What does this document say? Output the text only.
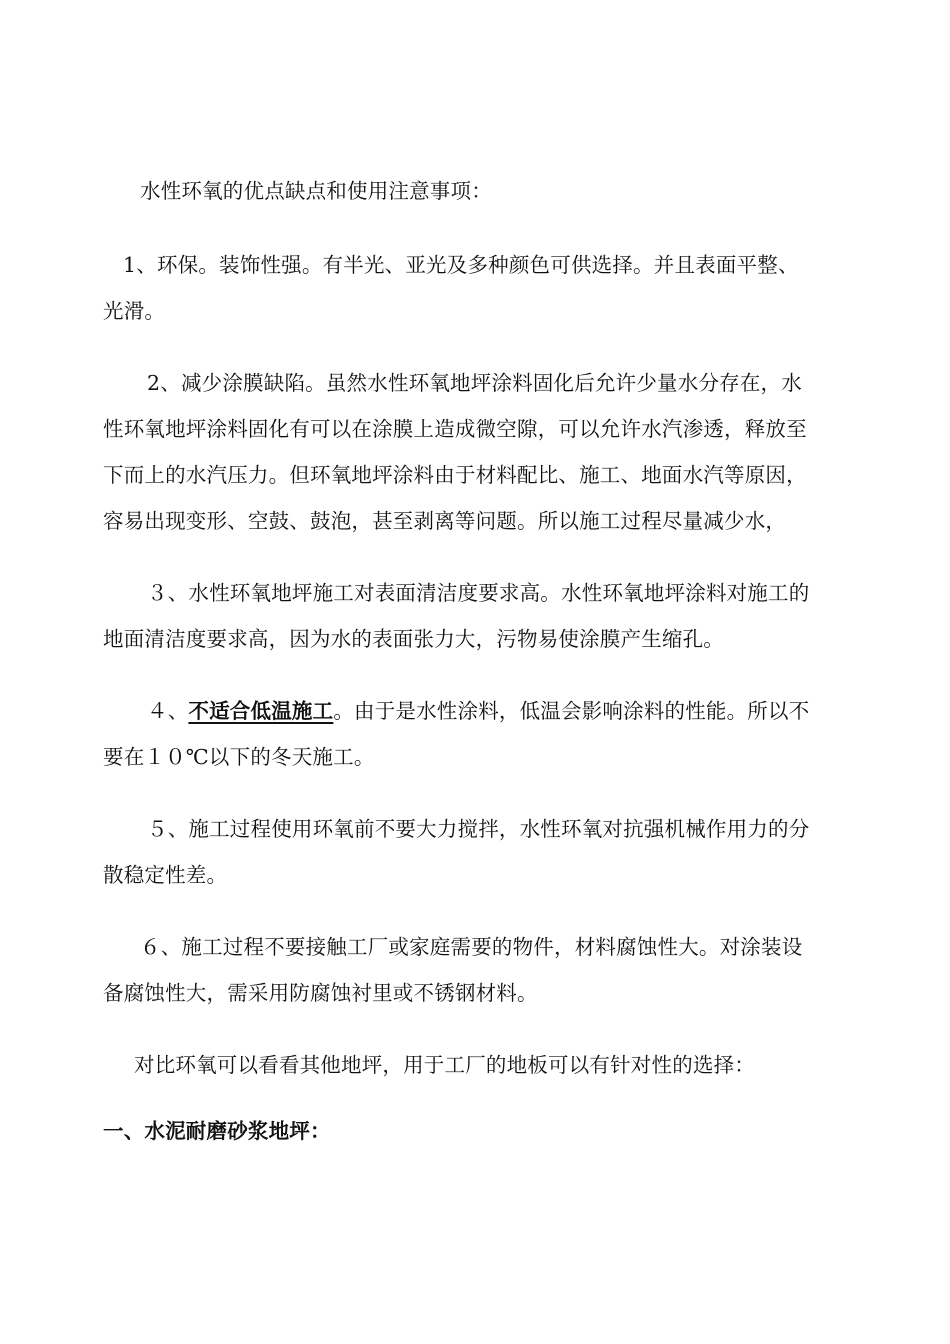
水性环氧的优点缺点和使用注意事项：

1、环保。装饰性强。有半光、亚光及多种颜色可供选择。并且表面平整、
光滑。
2、减少涂膜缺陷。虽然水性环氧地坪涂料固化后允许少量水分存在，水
性环氧地坪涂料固化有可以在涂膜上造成微空隙，可以允许水汽渗透，释放至
下而上的水汽压力。但环氧地坪涂料由于材料配比、施工、地面水汽等原因，
容易出现变形、空鼓、鼓泡，甚至剥离等问题。所以施工过程尽量减少水，
３、水性环氧地坪施工对表面清洁度要求高。水性环氧地坪涂料对施工的
地面清洁度要求高，因为水的表面张力大，污物易使涂膜产生缩孔。
４、不适合低温施工。由于是水性涂料，低温会影响涂料的性能。所以不
要在１０℃以下的冬天施工。
５、施工过程使用环氧前不要大力搅拌，水性环氧对抗强机械作用力的分
散稳定性差。
６、施工过程不要接触工厂或家庭需要的物件，材料腐蚀性大。对涂装设
备腐蚀性大，需采用防腐蚀衬里或不锈钢材料。

对比环氧可以看看其他地坪，用于工厂的地板可以有针对性的选择：

一、水泥耐磨砂浆地坪：
